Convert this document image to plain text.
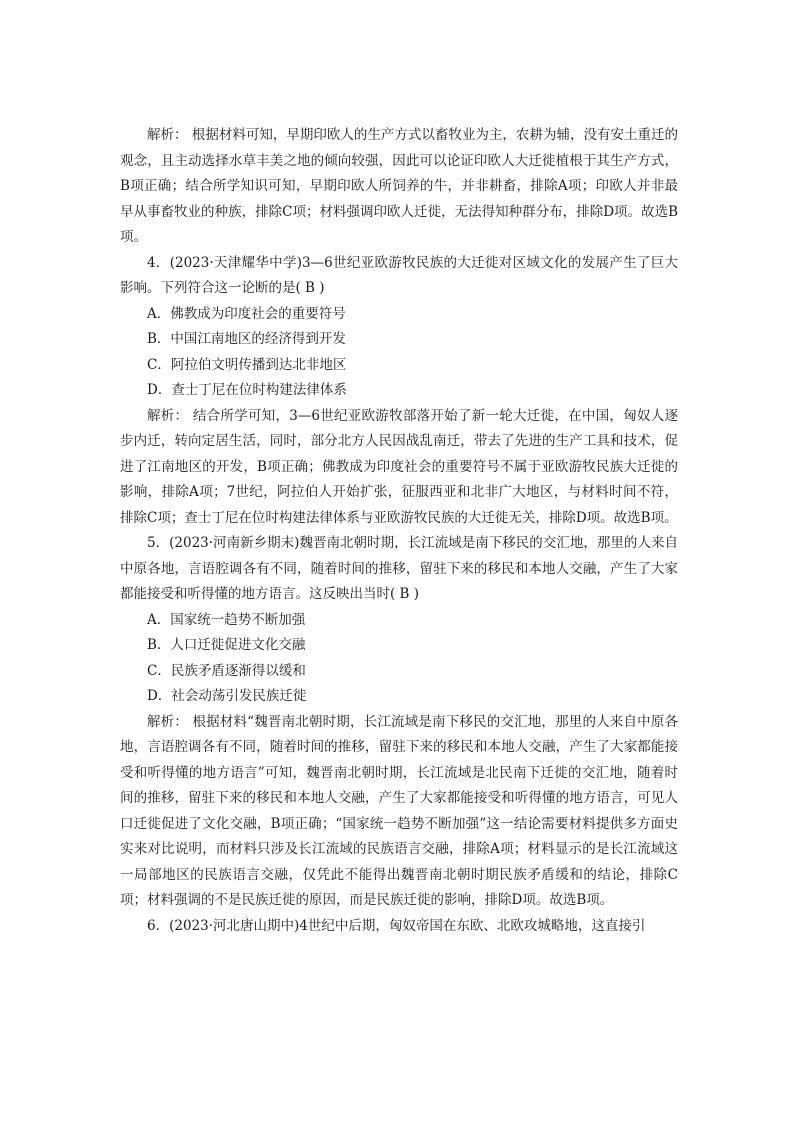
解析： 根据材料可知，早期印欧人的生产方式以畜牧业为主，农耕为辅，没有安土重迁的观念，且主动选择水草丰美之地的倾向较强，因此可以论证印欧人大迁徙植根于其生产方式，B项正确；结合所学知识可知，早期印欧人所饲养的牛，并非耕畜，排除A项；印欧人并非最早从事畜牧业的种族，排除C项；材料强调印欧人迁徙，无法得知种群分布，排除D项。故选B项。

4．(2023·天津耀华中学)3—6世纪亚欧游牧民族的大迁徙对区域文化的发展产生了巨大影响。下列符合这一论断的是( B )

A．佛教成为印度社会的重要符号

B．中国江南地区的经济得到开发

C．阿拉伯文明传播到达北非地区

D．查士丁尼在位时构建法律体系

解析： 结合所学可知，3—6世纪亚欧游牧部落开始了新一轮大迁徙，在中国，匈奴人逐步内迁，转向定居生活，同时，部分北方人民因战乱南迁，带去了先进的生产工具和技术，促进了江南地区的开发，B项正确；佛教成为印度社会的重要符号不属于亚欧游牧民族大迁徙的影响，排除A项；7世纪，阿拉伯人开始扩张，征服西亚和北非广大地区，与材料时间不符，排除C项；查士丁尼在位时构建法律体系与亚欧游牧民族的大迁徙无关，排除D项。故选B项。

5．(2023·河南新乡期末)魏晋南北朝时期，长江流域是南下移民的交汇地，那里的人来自中原各地，言语腔调各有不同，随着时间的推移，留驻下来的移民和本地人交融，产生了大家都能接受和听得懂的地方语言。这反映出当时( B )

A．国家统一趋势不断加强

B．人口迁徙促进文化交融

C．民族矛盾逐渐得以缓和

D．社会动荡引发民族迁徙

解析： 根据材料“魏晋南北朝时期，长江流域是南下移民的交汇地，那里的人来自中原各地，言语腔调各有不同，随着时间的推移，留驻下来的移民和本地人交融，产生了大家都能接受和听得懂的地方语言”可知，魏晋南北朝时期，长江流域是北民南下迁徙的交汇地，随着时间的推移，留驻下来的移民和本地人交融，产生了大家都能接受和听得懂的地方语言，可见人口迁徙促进了文化交融，B项正确；“国家统一趋势不断加强”这一结论需要材料提供多方面史实来对比说明，而材料只涉及长江流域的民族语言交融，排除A项；材料显示的是长江流域这一局部地区的民族语言交融，仅凭此不能得出魏晋南北朝时期民族矛盾缓和的结论，排除C项；材料强调的不是民族迁徙的原因，而是民族迁徙的影响，排除D项。故选B项。

6．(2023·河北唐山期中)4世纪中后期，匈奴帝国在东欧、北欧攻城略地，这直接引
